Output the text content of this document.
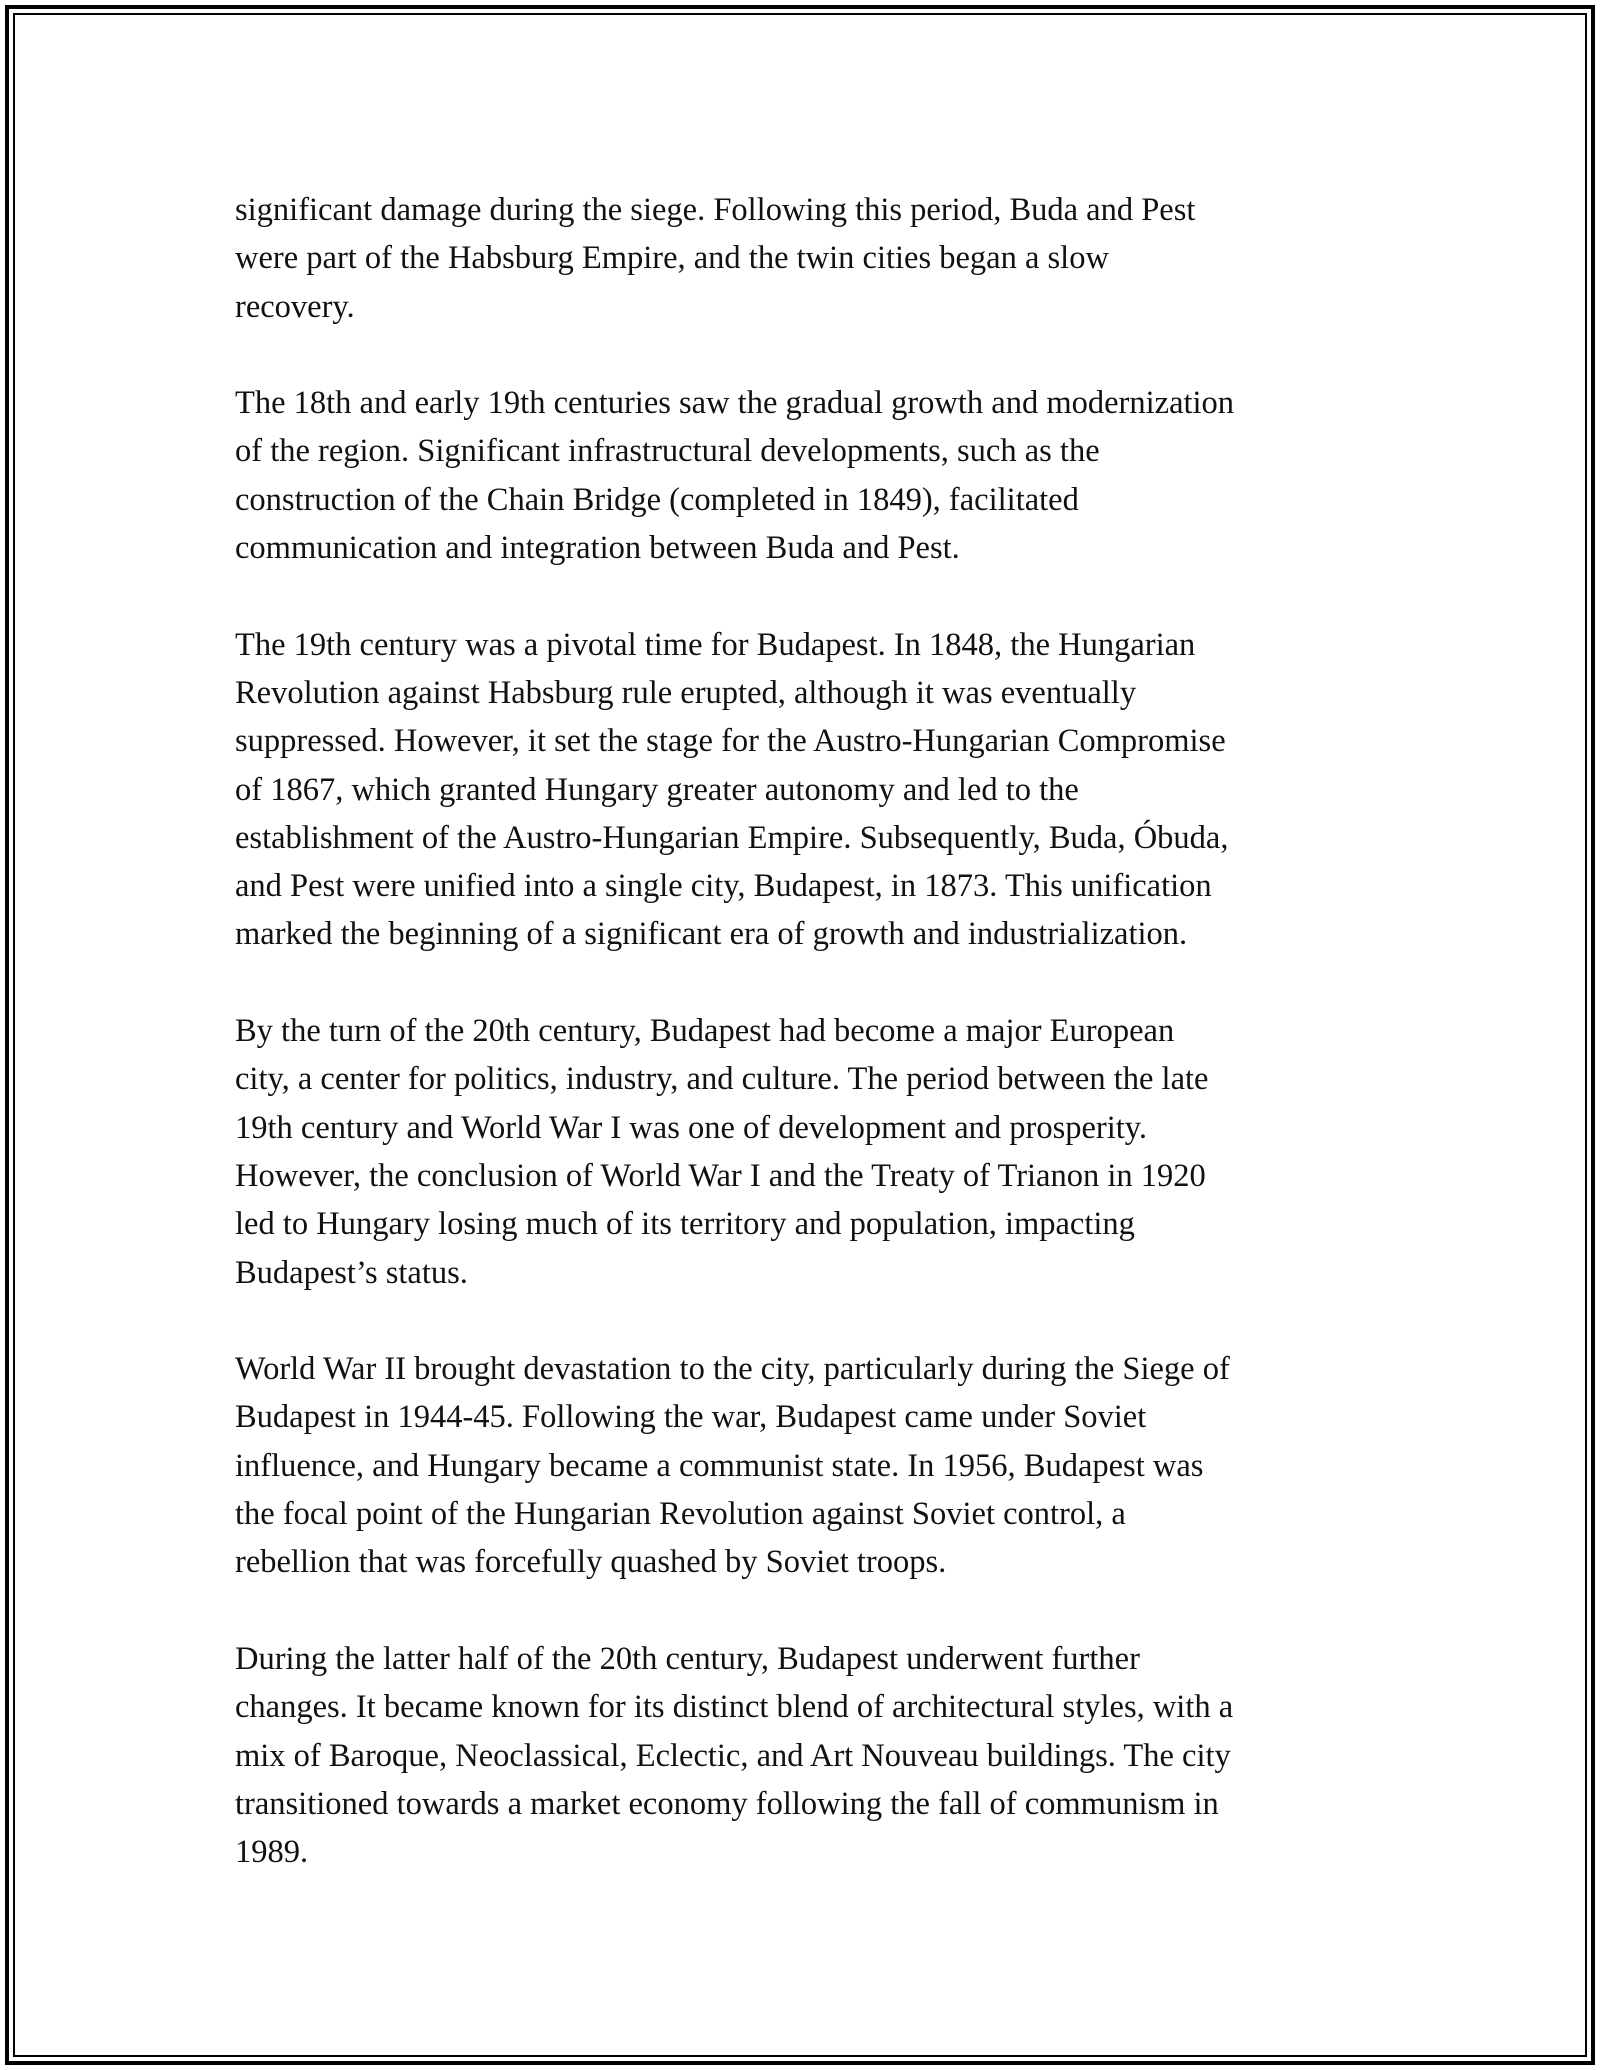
significant damage during the siege. Following this period, Buda and Pest
were part of the Habsburg Empire, and the twin cities began a slow
recovery.

The 18th and early 19th centuries saw the gradual growth and modernization
of the region. Significant infrastructural developments, such as the
construction of the Chain Bridge (completed in 1849), facilitated
communication and integration between Buda and Pest.

The 19th century was a pivotal time for Budapest. In 1848, the Hungarian
Revolution against Habsburg rule erupted, although it was eventually
suppressed. However, it set the stage for the Austro-Hungarian Compromise
of 1867, which granted Hungary greater autonomy and led to the
establishment of the Austro-Hungarian Empire. Subsequently, Buda, Óbuda,
and Pest were unified into a single city, Budapest, in 1873. This unification
marked the beginning of a significant era of growth and industrialization.

By the turn of the 20th century, Budapest had become a major European
city, a center for politics, industry, and culture. The period between the late
19th century and World War I was one of development and prosperity.
However, the conclusion of World War I and the Treaty of Trianon in 1920
led to Hungary losing much of its territory and population, impacting
Budapest’s status.

World War II brought devastation to the city, particularly during the Siege of
Budapest in 1944-45. Following the war, Budapest came under Soviet
influence, and Hungary became a communist state. In 1956, Budapest was
the focal point of the Hungarian Revolution against Soviet control, a
rebellion that was forcefully quashed by Soviet troops.

During the latter half of the 20th century, Budapest underwent further
changes. It became known for its distinct blend of architectural styles, with a
mix of Baroque, Neoclassical, Eclectic, and Art Nouveau buildings. The city
transitioned towards a market economy following the fall of communism in
1989.
